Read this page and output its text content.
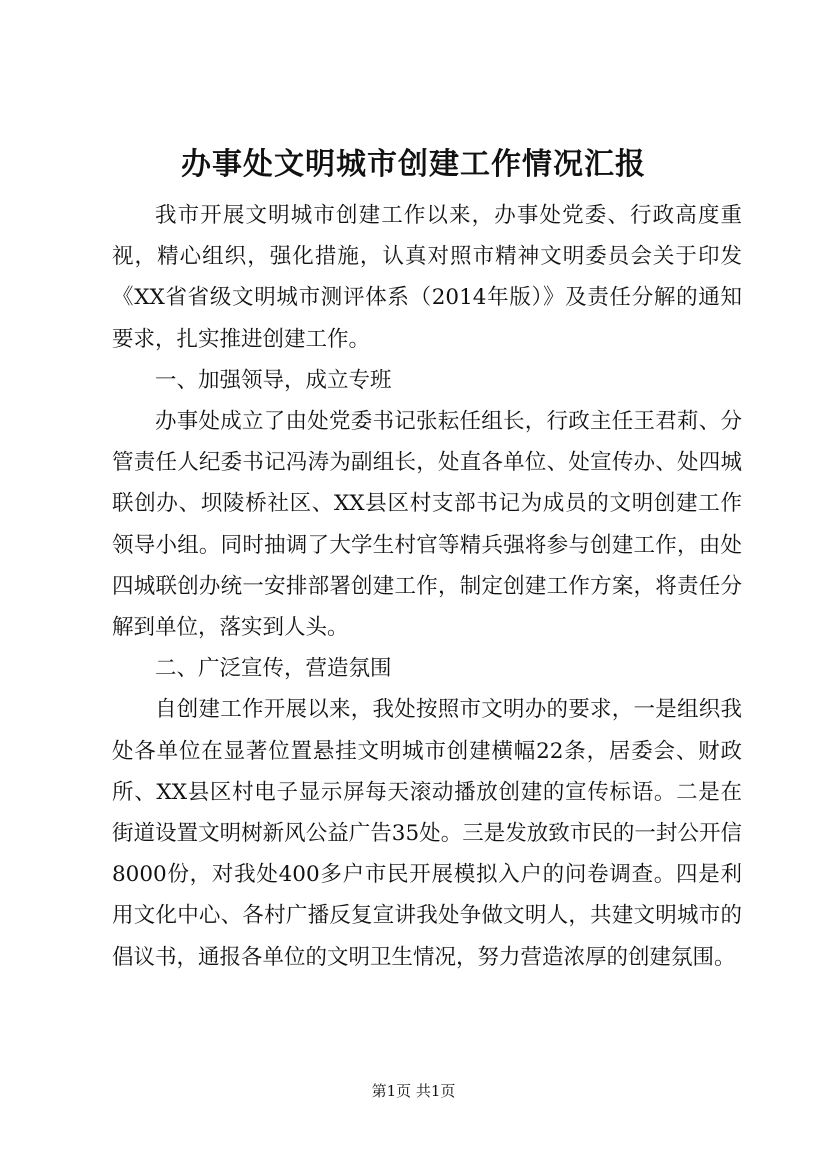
办事处文明城市创建工作情况汇报

我市开展文明城市创建工作以来，办事处党委、行政高度重视，精心组织，强化措施，认真对照市精神文明委员会关于印发《XX省省级文明城市测评体系（2014年版）》及责任分解的通知要求，扎实推进创建工作。

一、加强领导，成立专班

办事处成立了由处党委书记张耘任组长，行政主任王君莉、分管责任人纪委书记冯涛为副组长，处直各单位、处宣传办、处四城联创办、坝陵桥社区、XX县区村支部书记为成员的文明创建工作领导小组。同时抽调了大学生村官等精兵强将参与创建工作，由处四城联创办统一安排部署创建工作，制定创建工作方案，将责任分解到单位，落实到人头。

二、广泛宣传，营造氛围

自创建工作开展以来，我处按照市文明办的要求，一是组织我处各单位在显著位置悬挂文明城市创建横幅22条，居委会、财政所、XX县区村电子显示屏每天滚动播放创建的宣传标语。二是在街道设置文明树新风公益广告35处。三是发放致市民的一封公开信8000份，对我处400多户市民开展模拟入户的问卷调查。四是利用文化中心、各村广播反复宣讲我处争做文明人，共建文明城市的倡议书，通报各单位的文明卫生情况，努力营造浓厚的创建氛围。

第1页 共1页
